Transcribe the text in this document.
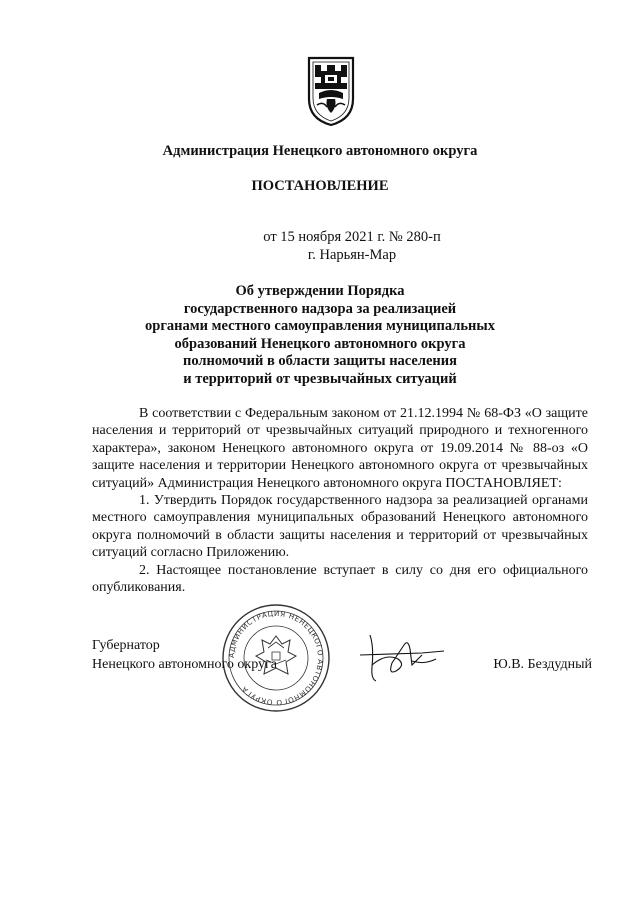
Администрация Ненецкого автономного округа
ПОСТАНОВЛЕНИЕ
от 15 ноября 2021 г. № 280-п
г. Нарьян-Мар
Об утверждении Порядка
государственного надзора за реализацией
органами местного самоуправления муниципальных
образований Ненецкого автономного округа
полномочий в области защиты населения
и территорий от чрезвычайных ситуаций

В соответствии с Федеральным законом от 21.12.1994 № 68-ФЗ «О защите населения и территорий от чрезвычайных ситуаций природного и техногенного характера», законом Ненецкого автономного округа от 19.09.2014 № 88-оз «О защите населения и территории Ненецкого автономного округа от чрезвычайных ситуаций» Администрация Ненецкого автономного округа ПОСТАНОВЛЯЕТ:

1. Утвердить Порядок государственного надзора за реализацией органами местного самоуправления муниципальных образований Ненецкого автономного округа полномочий в области защиты населения и территорий от чрезвычайных ситуаций согласно Приложению.

2. Настоящее постановление вступает в силу со дня его официального опубликования.

АДМИНИСТРАЦИЯ НЕНЕЦКОГО АВТОНОМНОГО ОКРУГА
Губернатор
Ненецкого автономного округа	Ю.В. Бездудный
